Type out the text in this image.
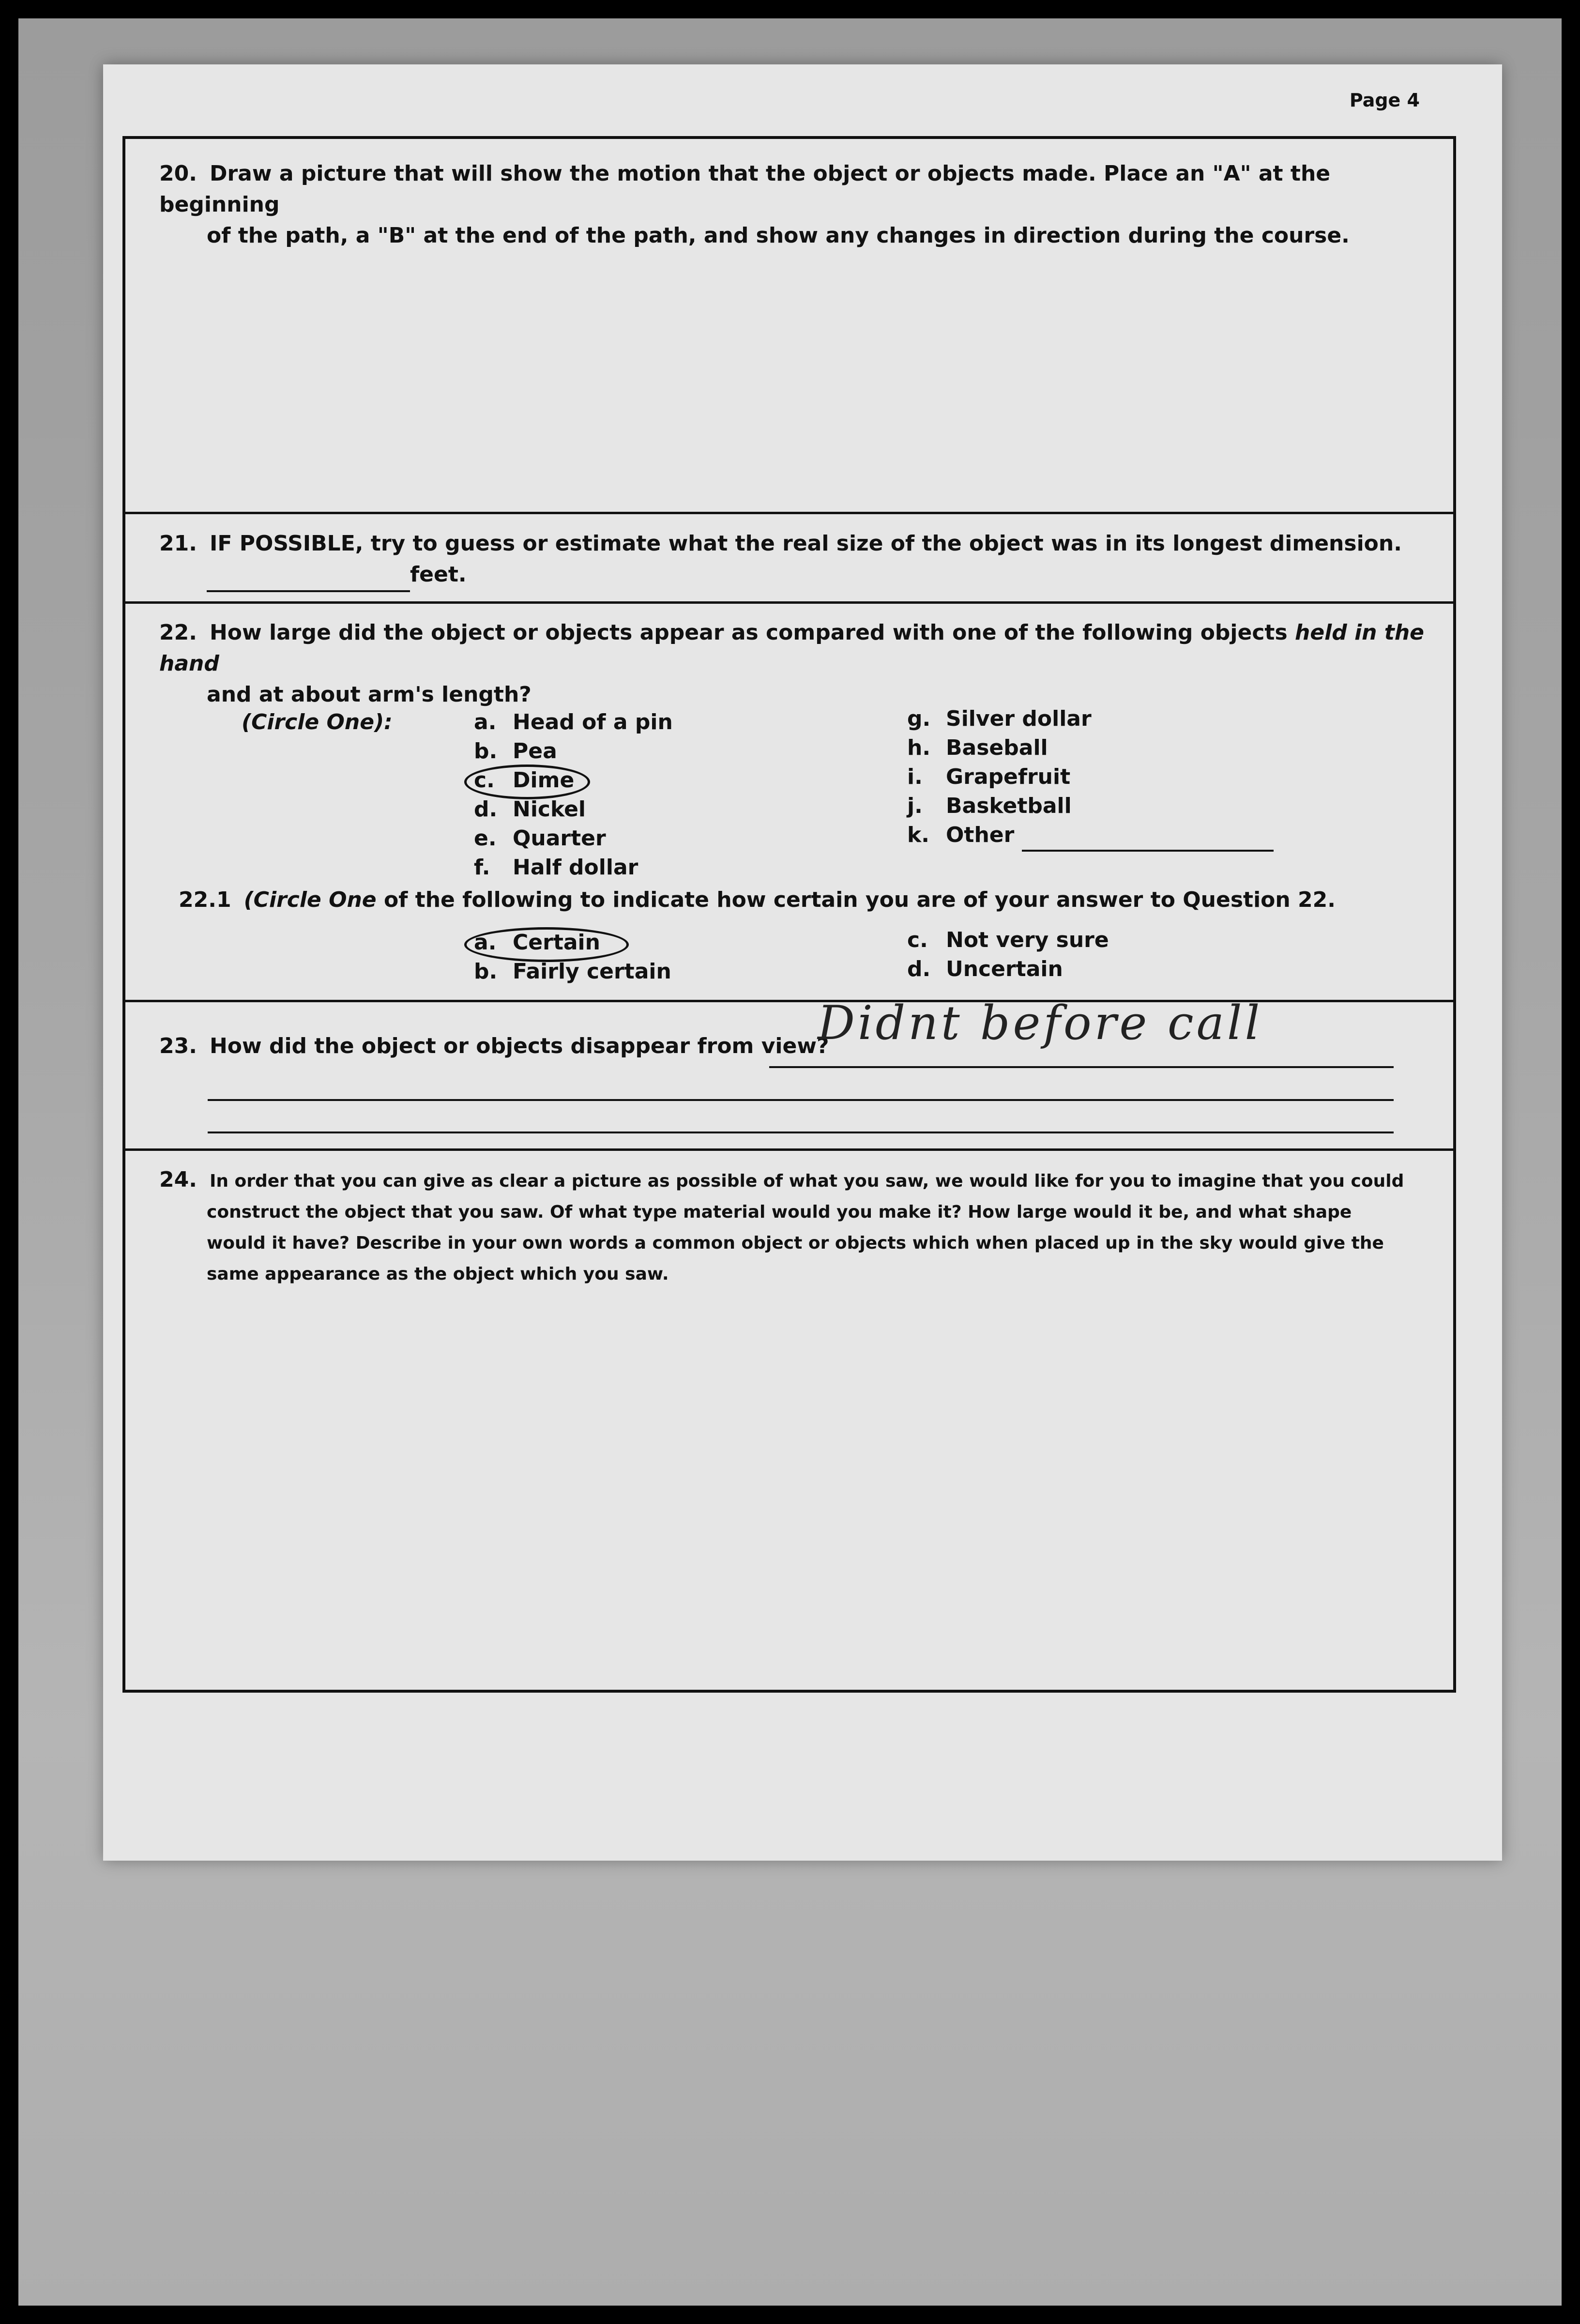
Page 4
20. Draw a picture that will show the motion that the object or objects made. Place an "A" at the beginning
of the path, a "B" at the end of the path, and show any changes in direction during the course.
21. IF POSSIBLE, try to guess or estimate what the real size of the object was in its longest dimension.
feet.
22. How large did the object or objects appear as compared with one of the following objects held in the hand
and at about arm's length?
(Circle One):	a. Head of a pin
b. Pea
c. Dime
d. Nickel
e. Quarter
f. Half dollar
g. Silver dollar
h. Baseball
i. Grapefruit
j. Basketball
k. Other
22.1 (Circle One of the following to indicate how certain you are of your answer to Question 22.
a. Certain
b. Fairly certain
c. Not very sure
d. Uncertain
23. How did the object or objects disappear from view?
Didnt before call
24. In order that you can give as clear a picture as possible of what you saw, we would like for you to imagine that you could
construct the object that you saw. Of what type material would you make it? How large would it be, and what shape
would it have? Describe in your own words a common object or objects which when placed up in the sky would give the
same appearance as the object which you saw.
